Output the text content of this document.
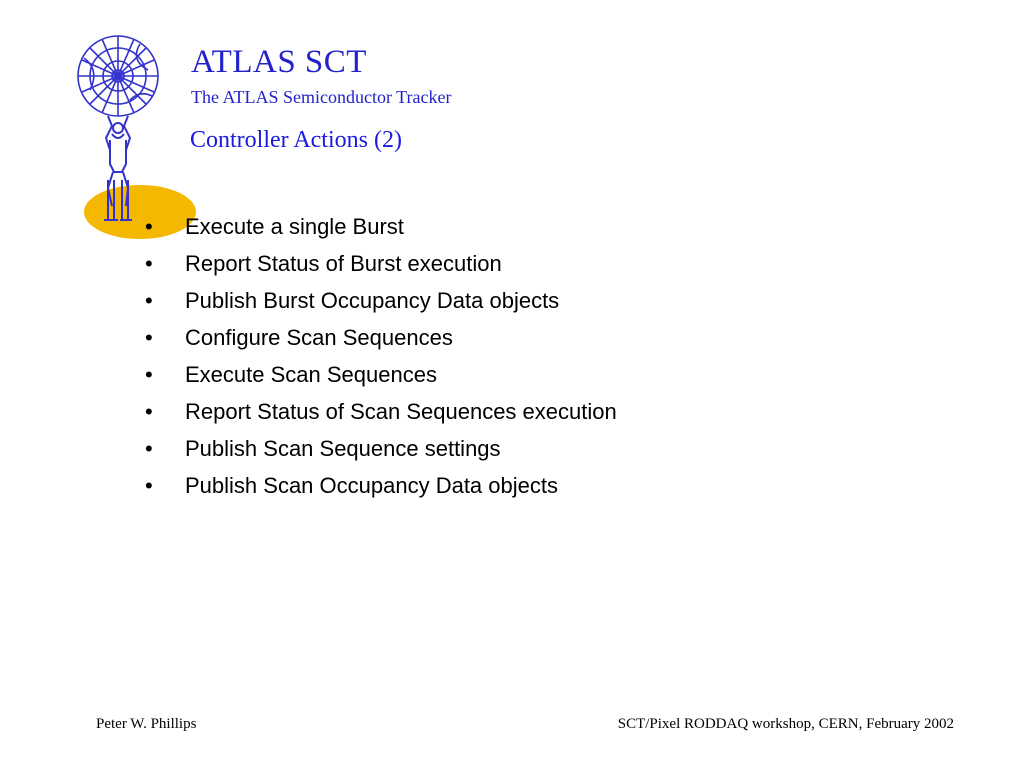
ATLAS SCT
The ATLAS Semiconductor Tracker
Controller Actions (2)
• Execute a single Burst
• Report Status of Burst execution
• Publish Burst Occupancy Data objects
• Configure Scan Sequences
• Execute Scan Sequences
• Report Status of Scan Sequences execution
• Publish Scan Sequence settings
• Publish Scan Occupancy Data objects
Peter W. Phillips	SCT/Pixel RODDAQ workshop, CERN, February 2002
